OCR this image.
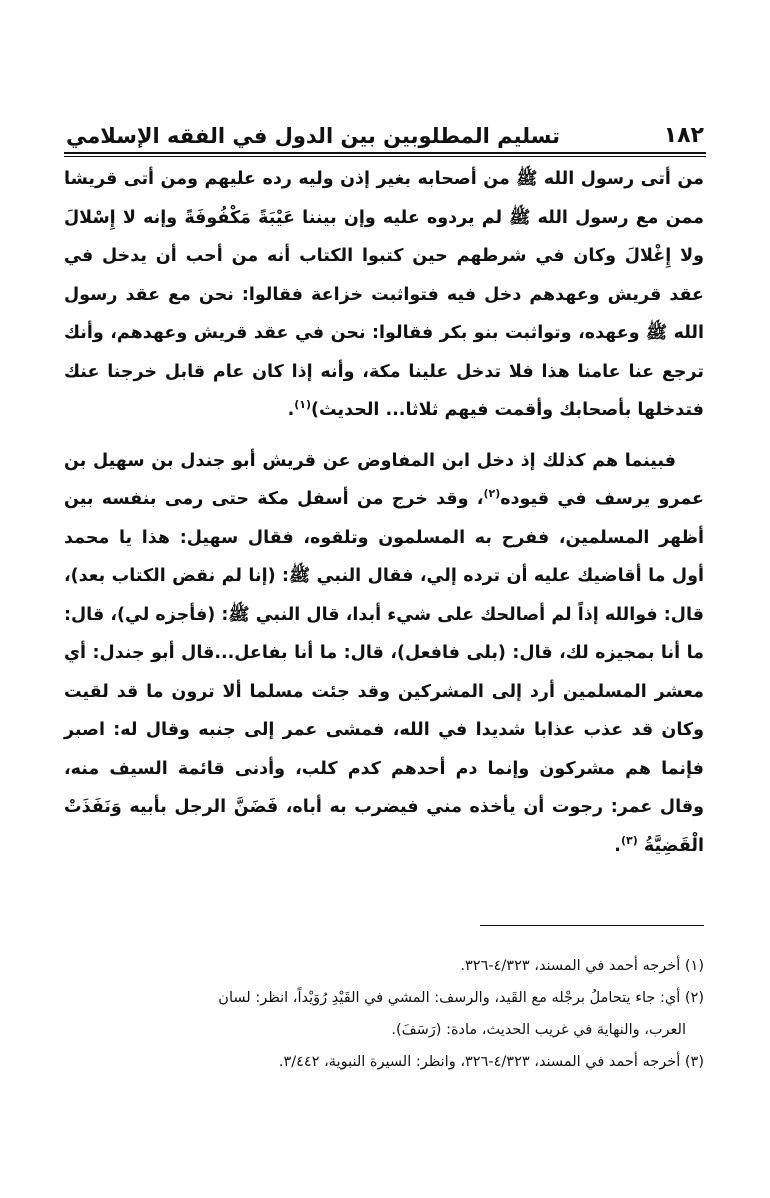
١٨٢
تسليم المطلوبين بين الدول في الفقه الإسلامي

من أتى رسول الله ﷺ من أصحابه بغير إذن وليه رده عليهم ومن أتى قريشا ممن مع رسول الله ﷺ لم يردوه عليه وإن بيننا عَيْبَةً مَكْفُوفَةً وإنه لا إِسْلالَ ولا إِغْلالَ وكان في شرطهم حين كتبوا الكتاب أنه من أحب أن يدخل في عقد قريش وعهدهم دخل فيه فتواثبت خزاعة فقالوا: نحن مع عقد رسول الله ﷺ وعهده، وتواثبت بنو بكر فقالوا: نحن في عقد قريش وعهدهم، وأنك ترجع عنا عامنا هذا فلا تدخل علينا مكة، وأنه إذا كان عام قابل خرجنا عنك فتدخلها بأصحابك وأقمت فيهم ثلاثا... الحديث)$^{(١)}$.

فبينما هم كذلك إذ دخل ابن المفاوض عن قريش أبو جندل بن سهيل بن عمرو يرسف في قيوده$^{(٢)}$، وقد خرج من أسفل مكة حتى رمى بنفسه بين أظهر المسلمين، ففرح به المسلمون وتلقوه، فقال سهيل: هذا يا محمد أول ما أقاضيك عليه أن ترده إلي، فقال النبي ﷺ: (إنا لم نقض الكتاب بعد)، قال: فوالله إذاً لم أصالحك على شيء أبدا، قال النبي ﷺ: (فأجزه لي)، قال: ما أنا بمجيزه لك، قال: (بلى فافعل)، قال: ما أنا بفاعل...قال أبو جندل: أي معشر المسلمين أرد إلى المشركين وقد جئت مسلما ألا ترون ما قد لقيت وكان قد عذب عذابا شديدا في الله، فمشى عمر إلى جنبه وقال له: اصبر فإنما هم مشركون وإنما دم أحدهم كدم كلب، وأدنى قائمة السيف منه، وقال عمر: رجوت أن يأخذه مني فيضرب به أباه، فَضَنَّ الرجل بأبيه وَنَفَذَتْ الْقَضِيَّةُ $^{(٣)}$.

(١) أخرجه أحمد في المسند، ٤/٣٢٣-٣٢٦.

(٢) أي: جاء يتحاملُ برجْله مع القَيد، والرسف: المشي في القَيْدِ رُوَيْداً، انظر: لسان

العرب، والنهاية في غريب الحديث، مادة: (رَسَفَ).

(٣) أخرجه أحمد في المسند، ٤/٣٢٣-٣٢٦، وانظر: السيرة النبوية، ٣/٤٤٢.
